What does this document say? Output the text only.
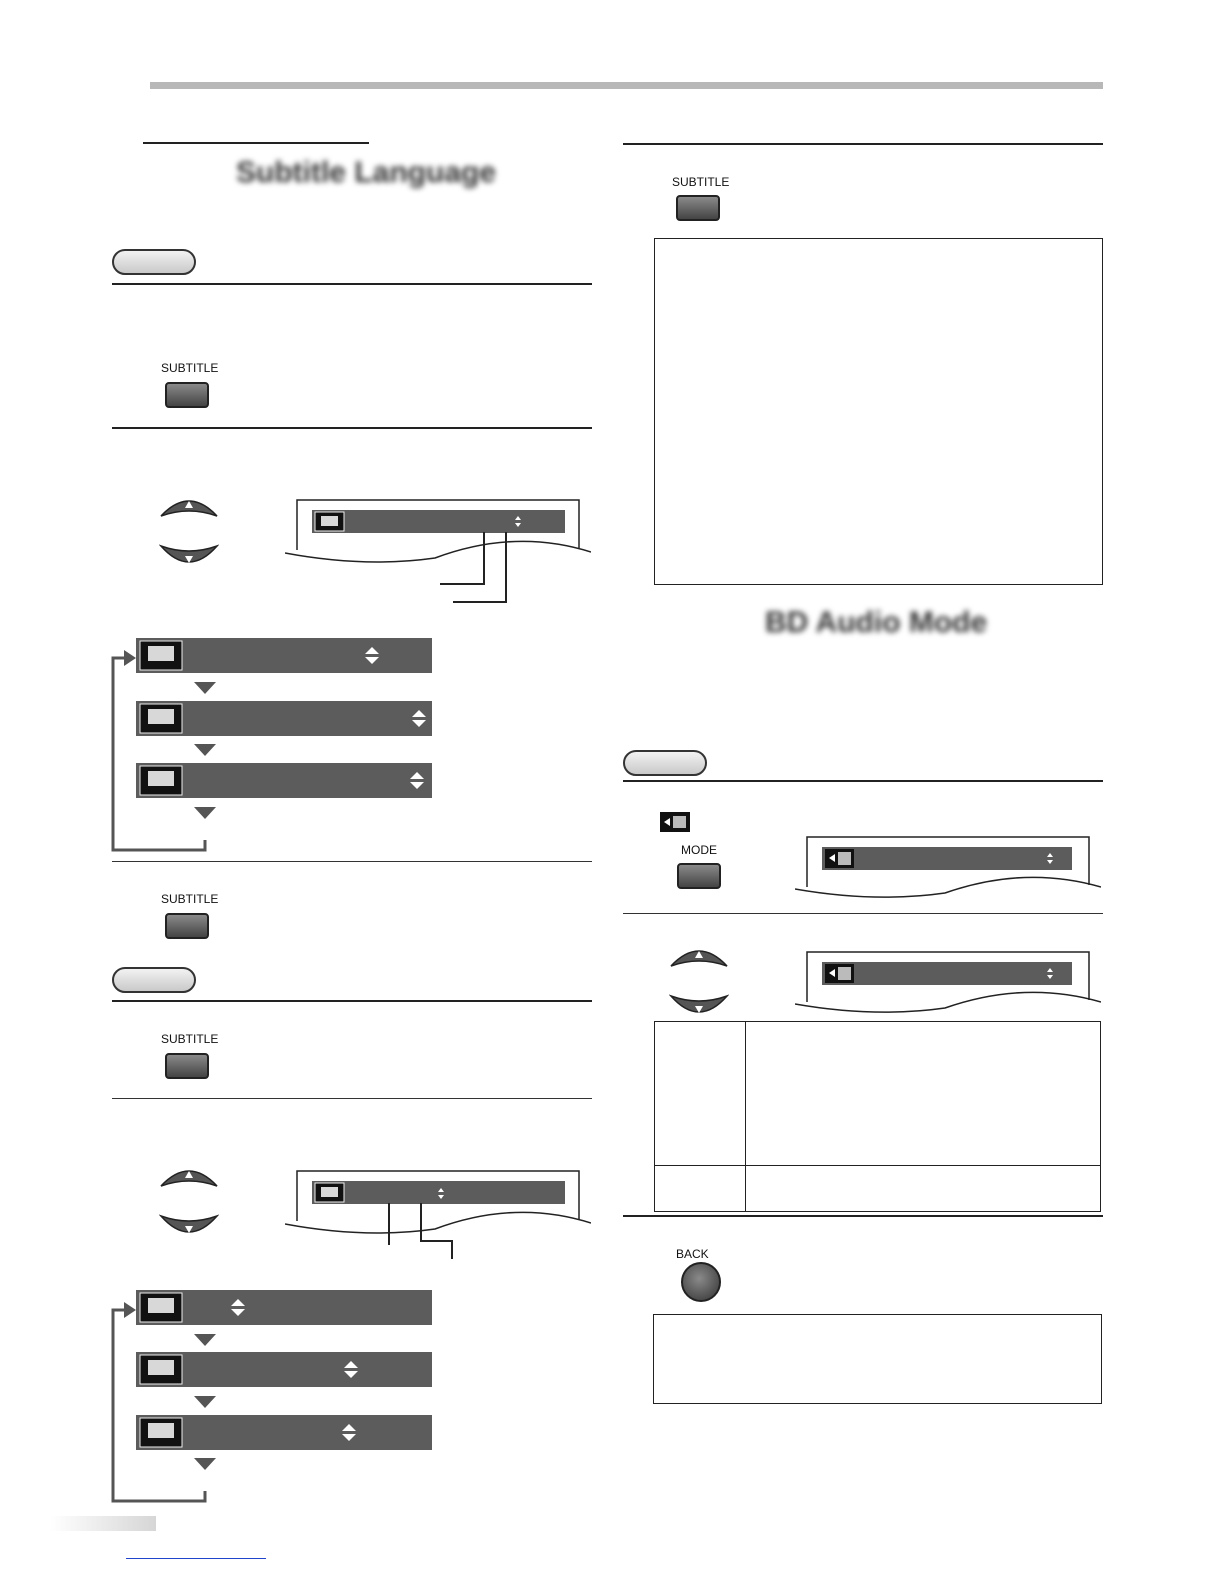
Subtitle Language
SUBTITLE
SUBTITLE
SUBTITLE
SUBTITLE
BD Audio Mode
MODE
BACK
